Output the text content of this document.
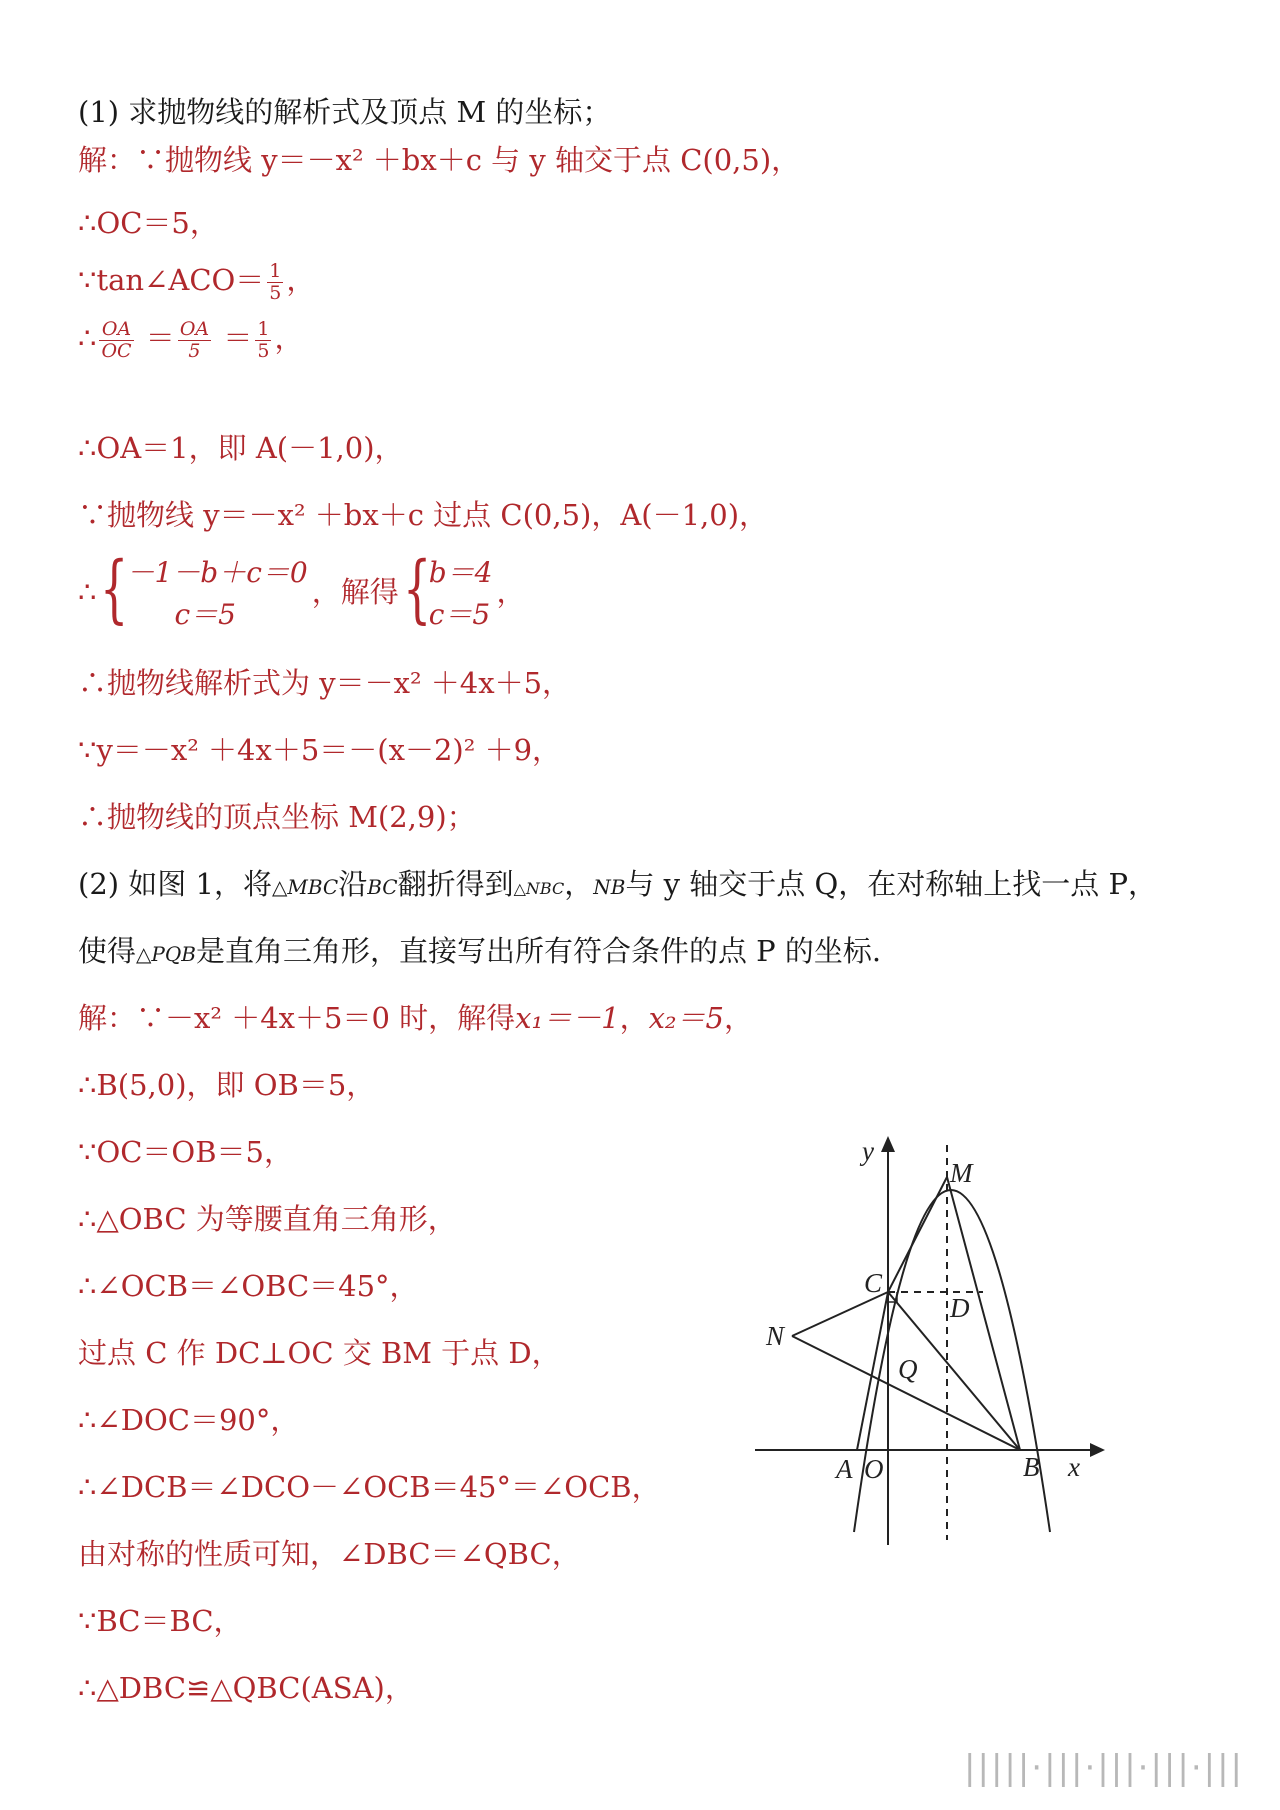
(1) 求抛物线的解析式及顶点 M 的坐标；
解：∵抛物线 y＝－x² ＋bx＋c 与 y 轴交于点 C(0,5)，
∴OC＝5，
∵tan∠ACO＝ $\frac{1}{5}$ ，
∴ $\frac{OA}{OC} = \frac{OA}{5} = \frac{1}{5}$ ，
∴OA＝1，即 A(－1,0)，
∵抛物线 y＝－x² ＋bx＋c 过点 C(0,5)，A(－1,0)，
∴ {
－1－b＋c＝0
c＝5
，解得 {
b＝4
c＝5
，
∴抛物线解析式为 y＝－x² ＋4x＋5，
∵y＝－x² ＋4x＋5＝－(x－2)² ＋9，
∴抛物线的顶点坐标 M(2,9)；
(2) 如图 1，将△MBC沿BC翻折得到△NBC，NB与 y 轴交于点 Q，在对称轴上找一点 P，
使得△PQB是直角三角形，直接写出所有符合条件的点 P 的坐标.
解：∵－x² ＋4x＋5＝0 时，解得x₁＝－1，x₂＝5，
∴B(5,0)，即 OB＝5，
∵OC＝OB＝5，
∴△OBC 为等腰直角三角形，
∴∠OCB＝∠OBC＝45°，
过点 C 作 DC⊥OC 交 BM 于点 D，
∴∠DOC＝90°，
∴∠DCB＝∠DCO－∠OCB＝45°＝∠OCB，
由对称的性质可知，∠DBC＝∠QBC，
∵BC＝BC，
∴△DBC≌△QBC(ASA)，
y
M
C
D
N
Q
A O	B x
|||||·|||·|||·|||·|||
